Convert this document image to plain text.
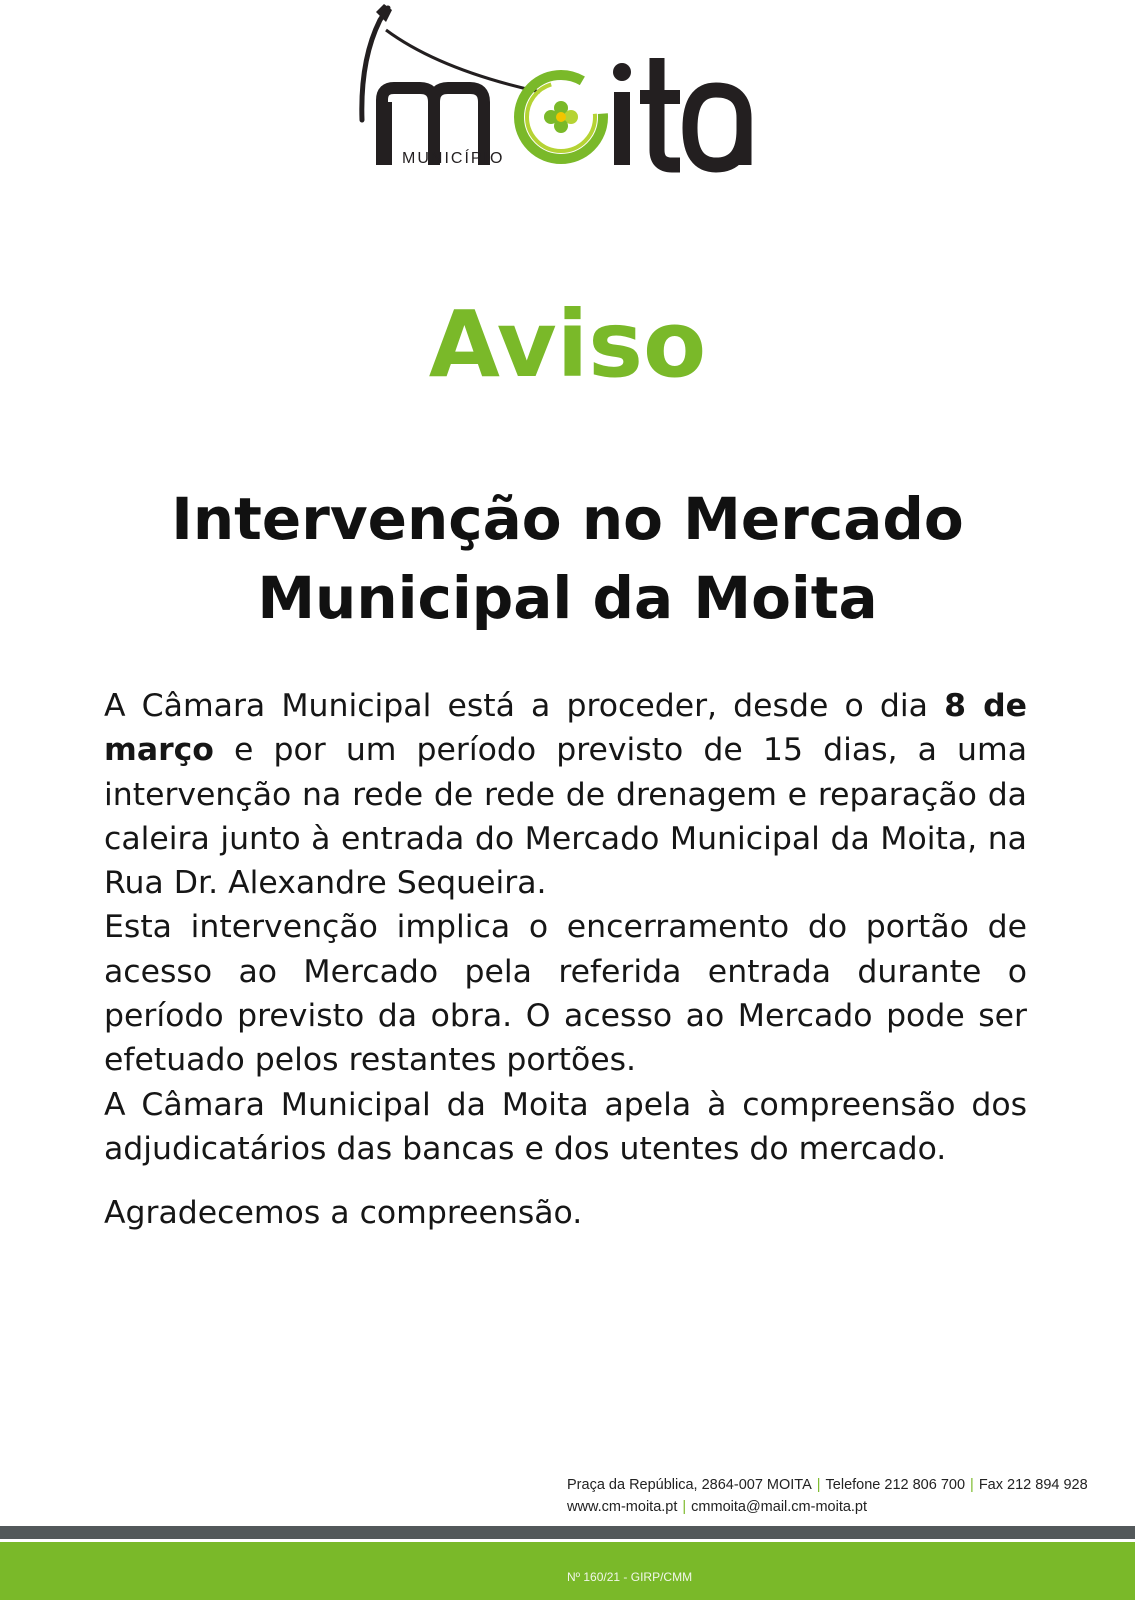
MUNICÍPIO
Aviso
Intervenção no Mercado
Municipal da Moita

A Câmara Municipal está a proceder, desde o dia 8 de março e por um período previsto de 15 dias, a uma intervenção na rede de rede de drenagem e reparação da caleira junto à entrada do Mercado Municipal da Moita, na Rua Dr. Alexandre Sequeira.

Esta intervenção implica o encerramento do portão de acesso ao Mercado pela referida entrada durante o período previsto da obra. O acesso ao Mercado pode ser efetuado pelos restantes portões.

A Câmara Municipal da Moita apela à compreensão dos adjudicatários das bancas e dos utentes do mercado.

Agradecemos a compreensão.

Praça da República, 2864-007 MOITA | Telefone 212 806 700 | Fax 212 894 928
www.cm-moita.pt | cmmoita@mail.cm-moita.pt
Nº 160/21 - GIRP/CMM
